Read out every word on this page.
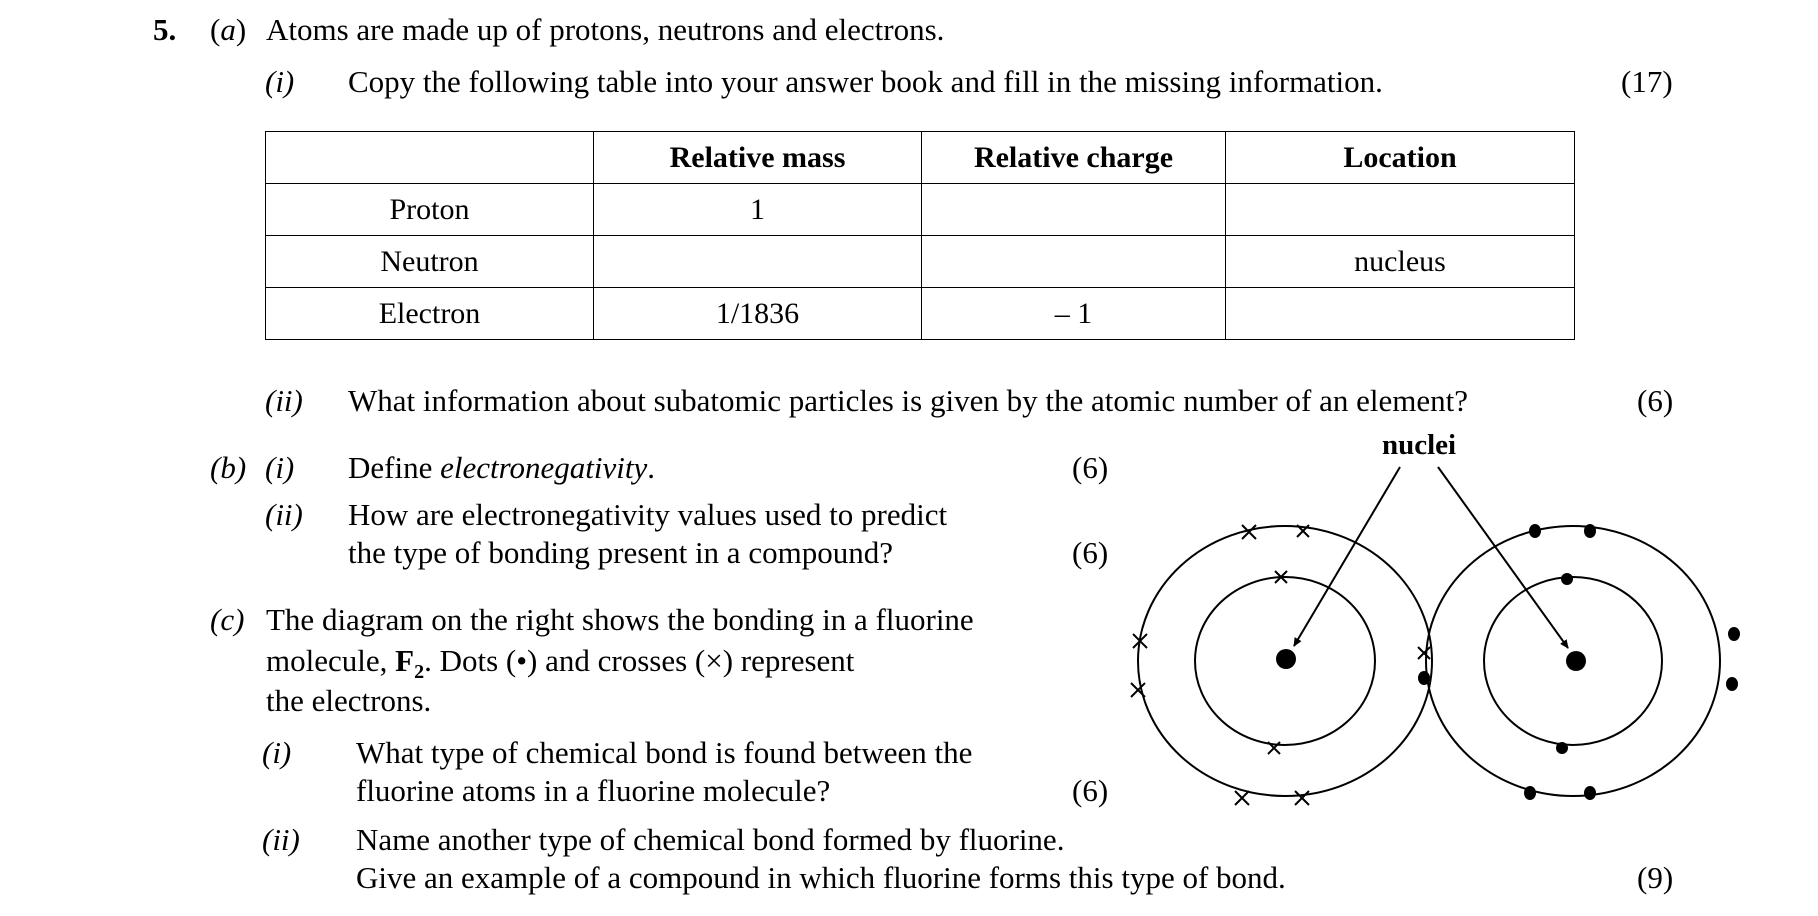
5. (a) Atoms are made up of protons, neutrons and electrons.
(i) Copy the following table into your answer book and fill in the missing information.	(17)
	Relative mass	Relative charge	Location
Proton	1		
Neutron			nucleus
Electron	1/1836	– 1	
(ii) What information about subatomic particles is given by the atomic number of an element?	(6)
(b) (i) Define electronegativity.	(6)
(ii) How are electronegativity values used to predict
the type of bonding present in a compound?	(6)
(c) The diagram on the right shows the bonding in a fluorine
molecule, $F_2$. Dots (•) and crosses (×) represent
the electrons.
(i) What type of chemical bond is found between the
fluorine atoms in a fluorine molecule?	(6)
(ii) Name another type of chemical bond formed by fluorine.
Give an example of a compound in which fluorine forms this type of bond.	(9)
nuclei
